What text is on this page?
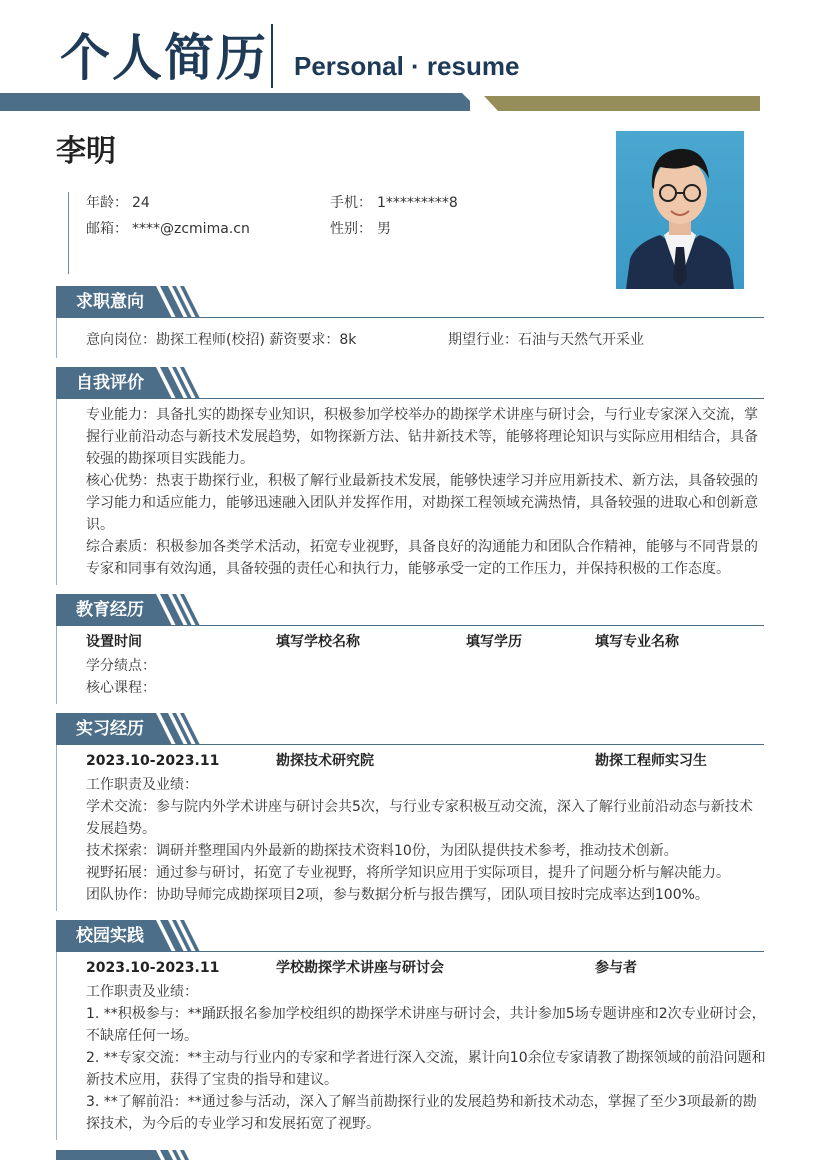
个人简历 Personal · resume
李明
年龄： 24	手机： 1*********8
邮箱： ****@zcmima.cn	性别： 男
求职意向
意向岗位：勘探工程师(校招) 薪资要求：8k	期望行业：石油与天然气开采业
自我评价
专业能力：具备扎实的勘探专业知识，积极参加学校举办的勘探学术讲座与研讨会，与行业专家深入交流，掌握行业前沿动态与新技术发展趋势，如物探新方法、钻井新技术等，能够将理论知识与实际应用相结合，具备较强的勘探项目实践能力。
核心优势：热衷于勘探行业，积极了解行业最新技术发展，能够快速学习并应用新技术、新方法，具备较强的学习能力和适应能力，能够迅速融入团队并发挥作用，对勘探工程领域充满热情，具备较强的进取心和创新意识。
综合素质：积极参加各类学术活动，拓宽专业视野，具备良好的沟通能力和团队合作精神，能够与不同背景的专家和同事有效沟通，具备较强的责任心和执行力，能够承受一定的工作压力，并保持积极的工作态度。
教育经历
设置时间	填写学校名称	填写学历	填写专业名称
学分绩点：
核心课程：
实习经历
2023.10-2023.11	勘探技术研究院	勘探工程师实习生
工作职责及业绩：
学术交流：参与院内外学术讲座与研讨会共5次，与行业专家积极互动交流，深入了解行业前沿动态与新技术发展趋势。
技术探索：调研并整理国内外最新的勘探技术资料10份，为团队提供技术参考，推动技术创新。
视野拓展：通过参与研讨，拓宽了专业视野，将所学知识应用于实际项目，提升了问题分析与解决能力。
团队协作：协助导师完成勘探项目2项，参与数据分析与报告撰写，团队项目按时完成率达到100%。
校园实践
2023.10-2023.11	学校勘探学术讲座与研讨会	参与者
工作职责及业绩：
1. **积极参与：**踊跃报名参加学校组织的勘探学术讲座与研讨会，共计参加5场专题讲座和2次专业研讨会，不缺席任何一场。
2. **专家交流：**主动与行业内的专家和学者进行深入交流，累计向10余位专家请教了勘探领域的前沿问题和新技术应用，获得了宝贵的指导和建议。
3. **了解前沿：**通过参与活动，深入了解当前勘探行业的发展趋势和新技术动态，掌握了至少3项最新的勘探技术，为今后的专业学习和发展拓宽了视野。
